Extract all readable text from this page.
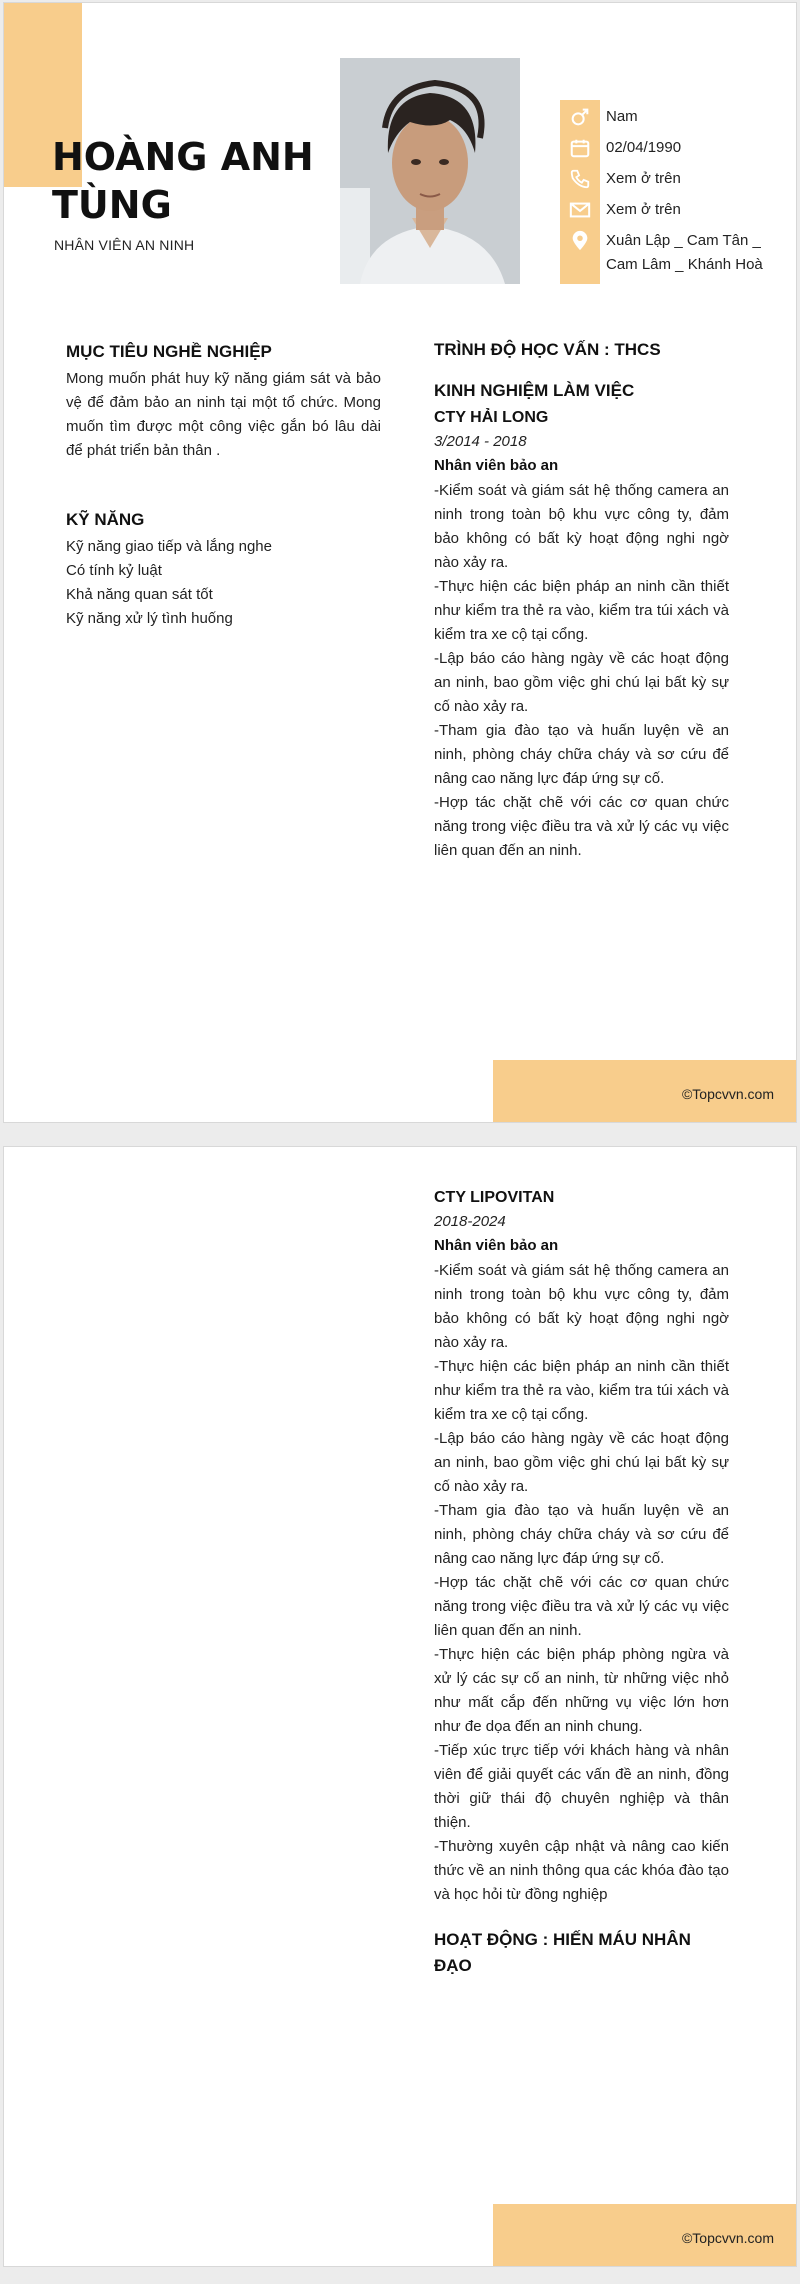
HOÀNG ANH
TÙNG
NHÂN VIÊN AN NINH
Nam
02/04/1990
Xem ở trên
Xem ở trên
Xuân Lập _ Cam Tân _ Cam Lâm _ Khánh Hoà
MỤC TIÊU NGHỀ NGHIỆP
Mong muốn phát huy kỹ năng giám sát và bảo vệ để đảm bảo an ninh tại một tổ chức. Mong muốn tìm được một công việc gắn bó lâu dài để phát triển bản thân .
KỸ NĂNG
Kỹ năng giao tiếp và lắng nghe
Có tính kỷ luật
Khả năng quan sát tốt
Kỹ năng xử lý tình huống
TRÌNH ĐỘ HỌC VẤN : THCS
KINH NGHIỆM LÀM VIỆC
CTY HẢI LONG
3/2014 - 2018
Nhân viên bảo an

-Kiểm soát và giám sát hệ thống camera an ninh trong toàn bộ khu vực công ty, đảm bảo không có bất kỳ hoạt động nghi ngờ nào xảy ra.

-Thực hiện các biện pháp an ninh cần thiết như kiểm tra thẻ ra vào, kiểm tra túi xách và kiểm tra xe cộ tại cổng.

-Lập báo cáo hàng ngày về các hoạt động an ninh, bao gồm việc ghi chú lại bất kỳ sự cố nào xảy ra.

-Tham gia đào tạo và huấn luyện về an ninh, phòng cháy chữa cháy và sơ cứu để nâng cao năng lực đáp ứng sự cố.

-Hợp tác chặt chẽ với các cơ quan chức năng trong việc điều tra và xử lý các vụ việc liên quan đến an ninh.

©Topcvvn.com
CTY LIPOVITAN
2018-2024
Nhân viên bảo an

-Kiểm soát và giám sát hệ thống camera an ninh trong toàn bộ khu vực công ty, đảm bảo không có bất kỳ hoạt động nghi ngờ nào xảy ra.

-Thực hiện các biện pháp an ninh cần thiết như kiểm tra thẻ ra vào, kiểm tra túi xách và kiểm tra xe cộ tại cổng.

-Lập báo cáo hàng ngày về các hoạt động an ninh, bao gồm việc ghi chú lại bất kỳ sự cố nào xảy ra.

-Tham gia đào tạo và huấn luyện về an ninh, phòng cháy chữa cháy và sơ cứu để nâng cao năng lực đáp ứng sự cố.

-Hợp tác chặt chẽ với các cơ quan chức năng trong việc điều tra và xử lý các vụ việc liên quan đến an ninh.

-Thực hiện các biện pháp phòng ngừa và xử lý các sự cố an ninh, từ những việc nhỏ như mất cắp đến những vụ việc lớn hơn như đe dọa đến an ninh chung.

-Tiếp xúc trực tiếp với khách hàng và nhân viên để giải quyết các vấn đề an ninh, đồng thời giữ thái độ chuyên nghiệp và thân thiện.

-Thường xuyên cập nhật và nâng cao kiến thức về an ninh thông qua các khóa đào tạo và học hỏi từ đồng nghiệp

HOẠT ĐỘNG : HIẾN MÁU NHÂN
ĐẠO
©Topcvvn.com
